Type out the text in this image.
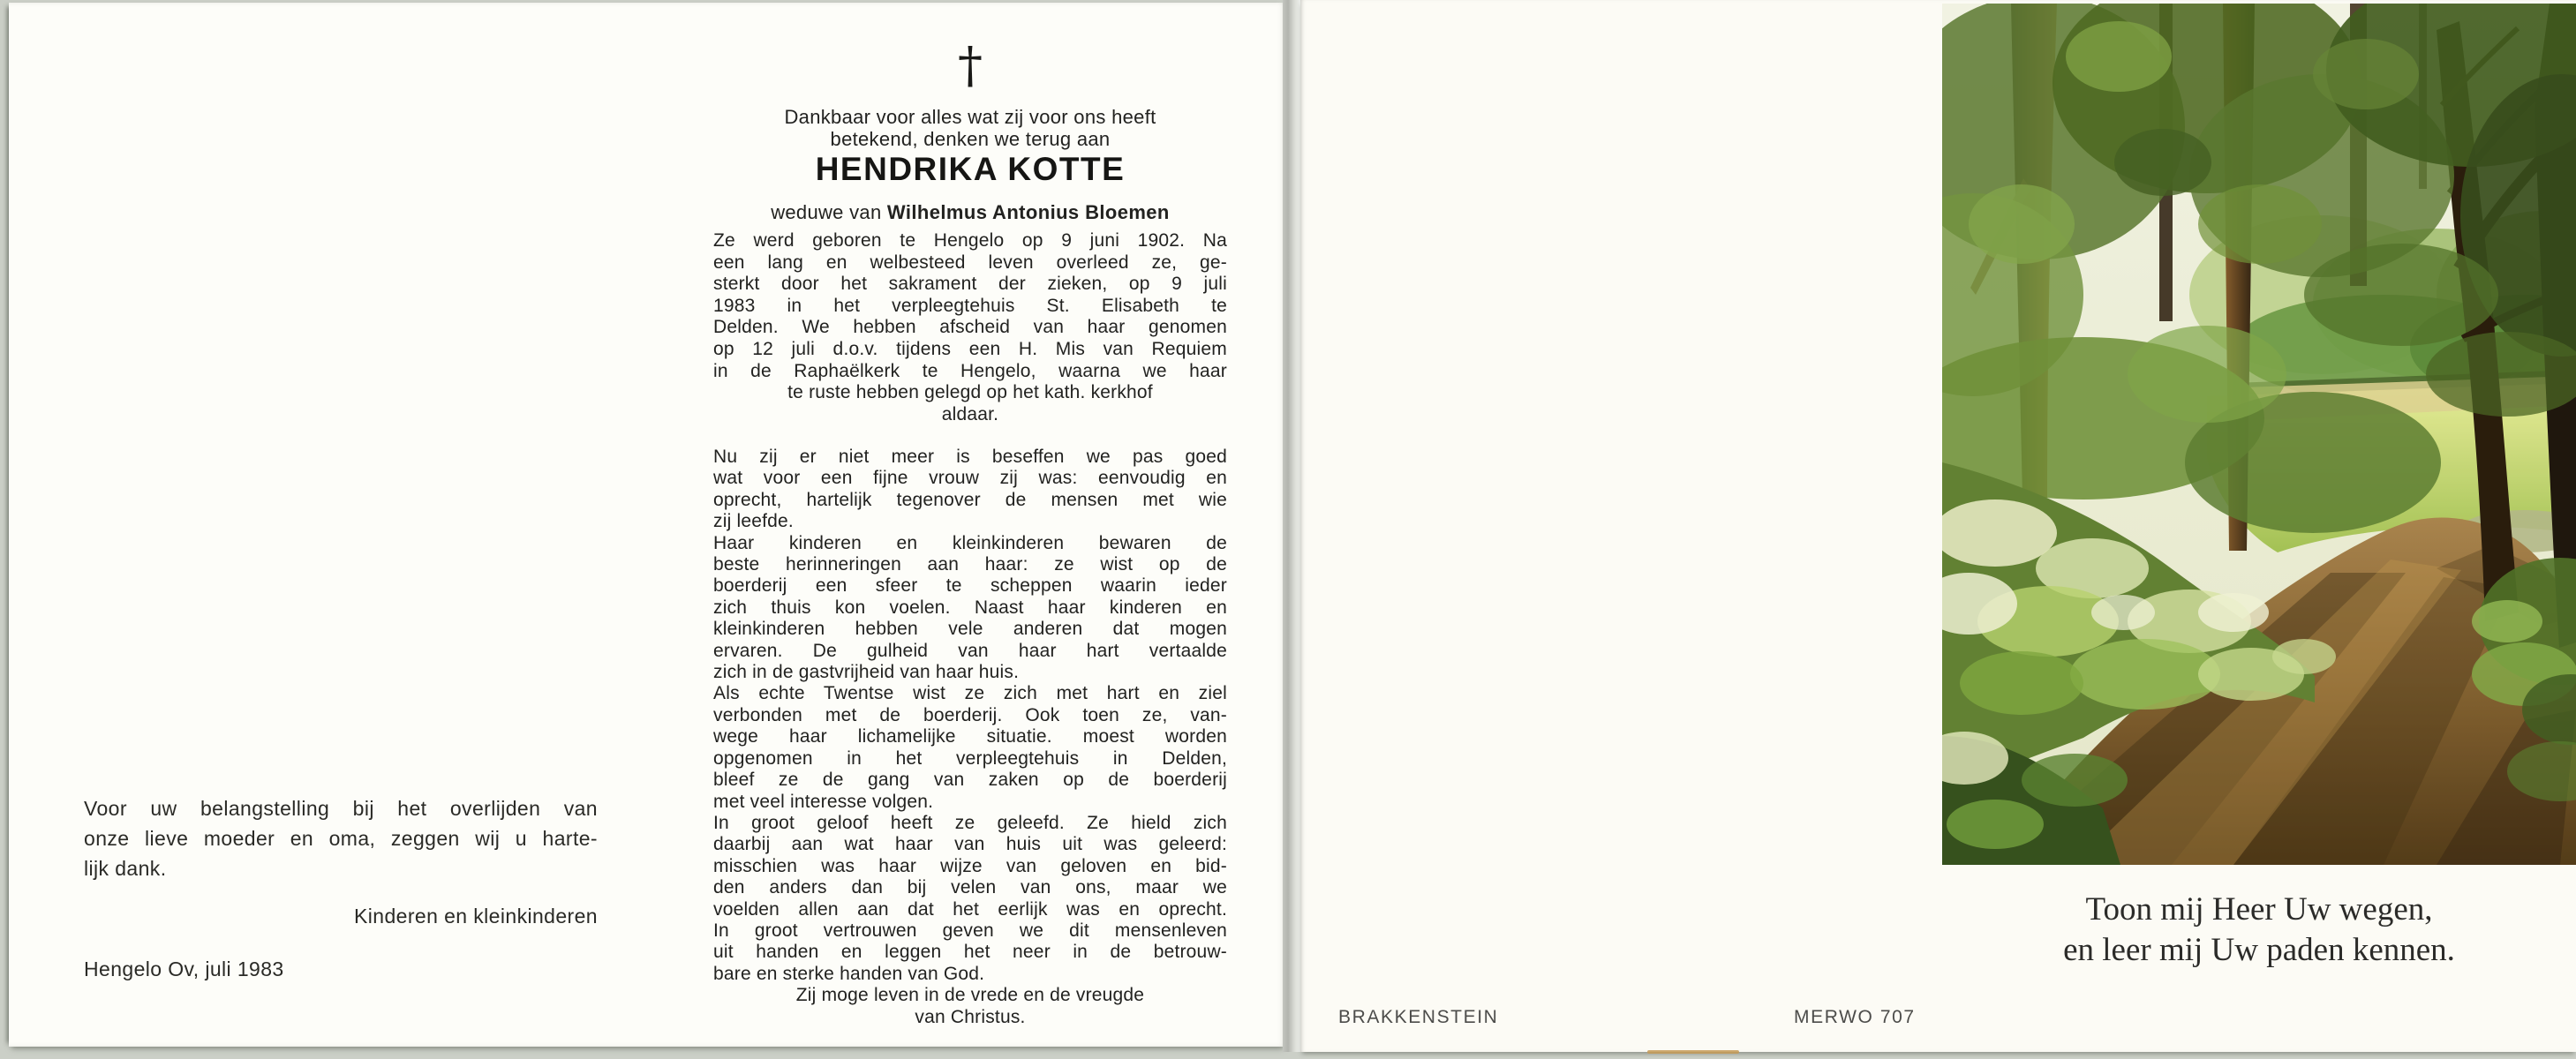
Voor uw belangstelling bij het overlijden van
onze lieve moeder en oma, zeggen wij u harte-
lijk dank.
Kinderen en kleinkinderen
Hengelo Ov, juli 1983
†
Dankbaar voor alles wat zij voor ons heeft
betekend, denken we terug aan
HENDRIKA KOTTE
weduwe van Wilhelmus Antonius Bloemen
Ze werd geboren te Hengelo op 9 juni 1902. Na
een lang en welbesteed leven overleed ze, ge-
sterkt door het sakrament der zieken, op 9 juli
1983 in het verpleegtehuis St. Elisabeth te
Delden. We hebben afscheid van haar genomen
op 12 juli d.o.v. tijdens een H. Mis van Requiem
in de Raphaëlkerk te Hengelo, waarna we haar
te ruste hebben gelegd op het kath. kerkhof
aldaar.
Nu zij er niet meer is beseffen we pas goed
wat voor een fijne vrouw zij was: eenvoudig en
oprecht, hartelijk tegenover de mensen met wie
zij leefde.
Haar kinderen en kleinkinderen bewaren de
beste herinneringen aan haar: ze wist op de
boerderij een sfeer te scheppen waarin ieder
zich thuis kon voelen. Naast haar kinderen en
kleinkinderen hebben vele anderen dat mogen
ervaren. De gulheid van haar hart vertaalde
zich in de gastvrijheid van haar huis.
Als echte Twentse wist ze zich met hart en ziel
verbonden met de boerderij. Ook toen ze, van-
wege haar lichamelijke situatie. moest worden
opgenomen in het verpleegtehuis in Delden,
bleef ze de gang van zaken op de boerderij
met veel interesse volgen.
In groot geloof heeft ze geleefd. Ze hield zich
daarbij aan wat haar van huis uit was geleerd:
misschien was haar wijze van geloven en bid-
den anders dan bij velen van ons, maar we
voelden allen aan dat het eerlijk was en oprecht.
In groot vertrouwen geven we dit mensenleven
uit handen en leggen het neer in de betrouw-
bare en sterke handen van God.
Zij moge leven in de vrede en de vreugde
van Christus.	BRAKKENSTEIN	MERWO 707
Toon mij Heer Uw wegen,
en leer mij Uw paden kennen.
